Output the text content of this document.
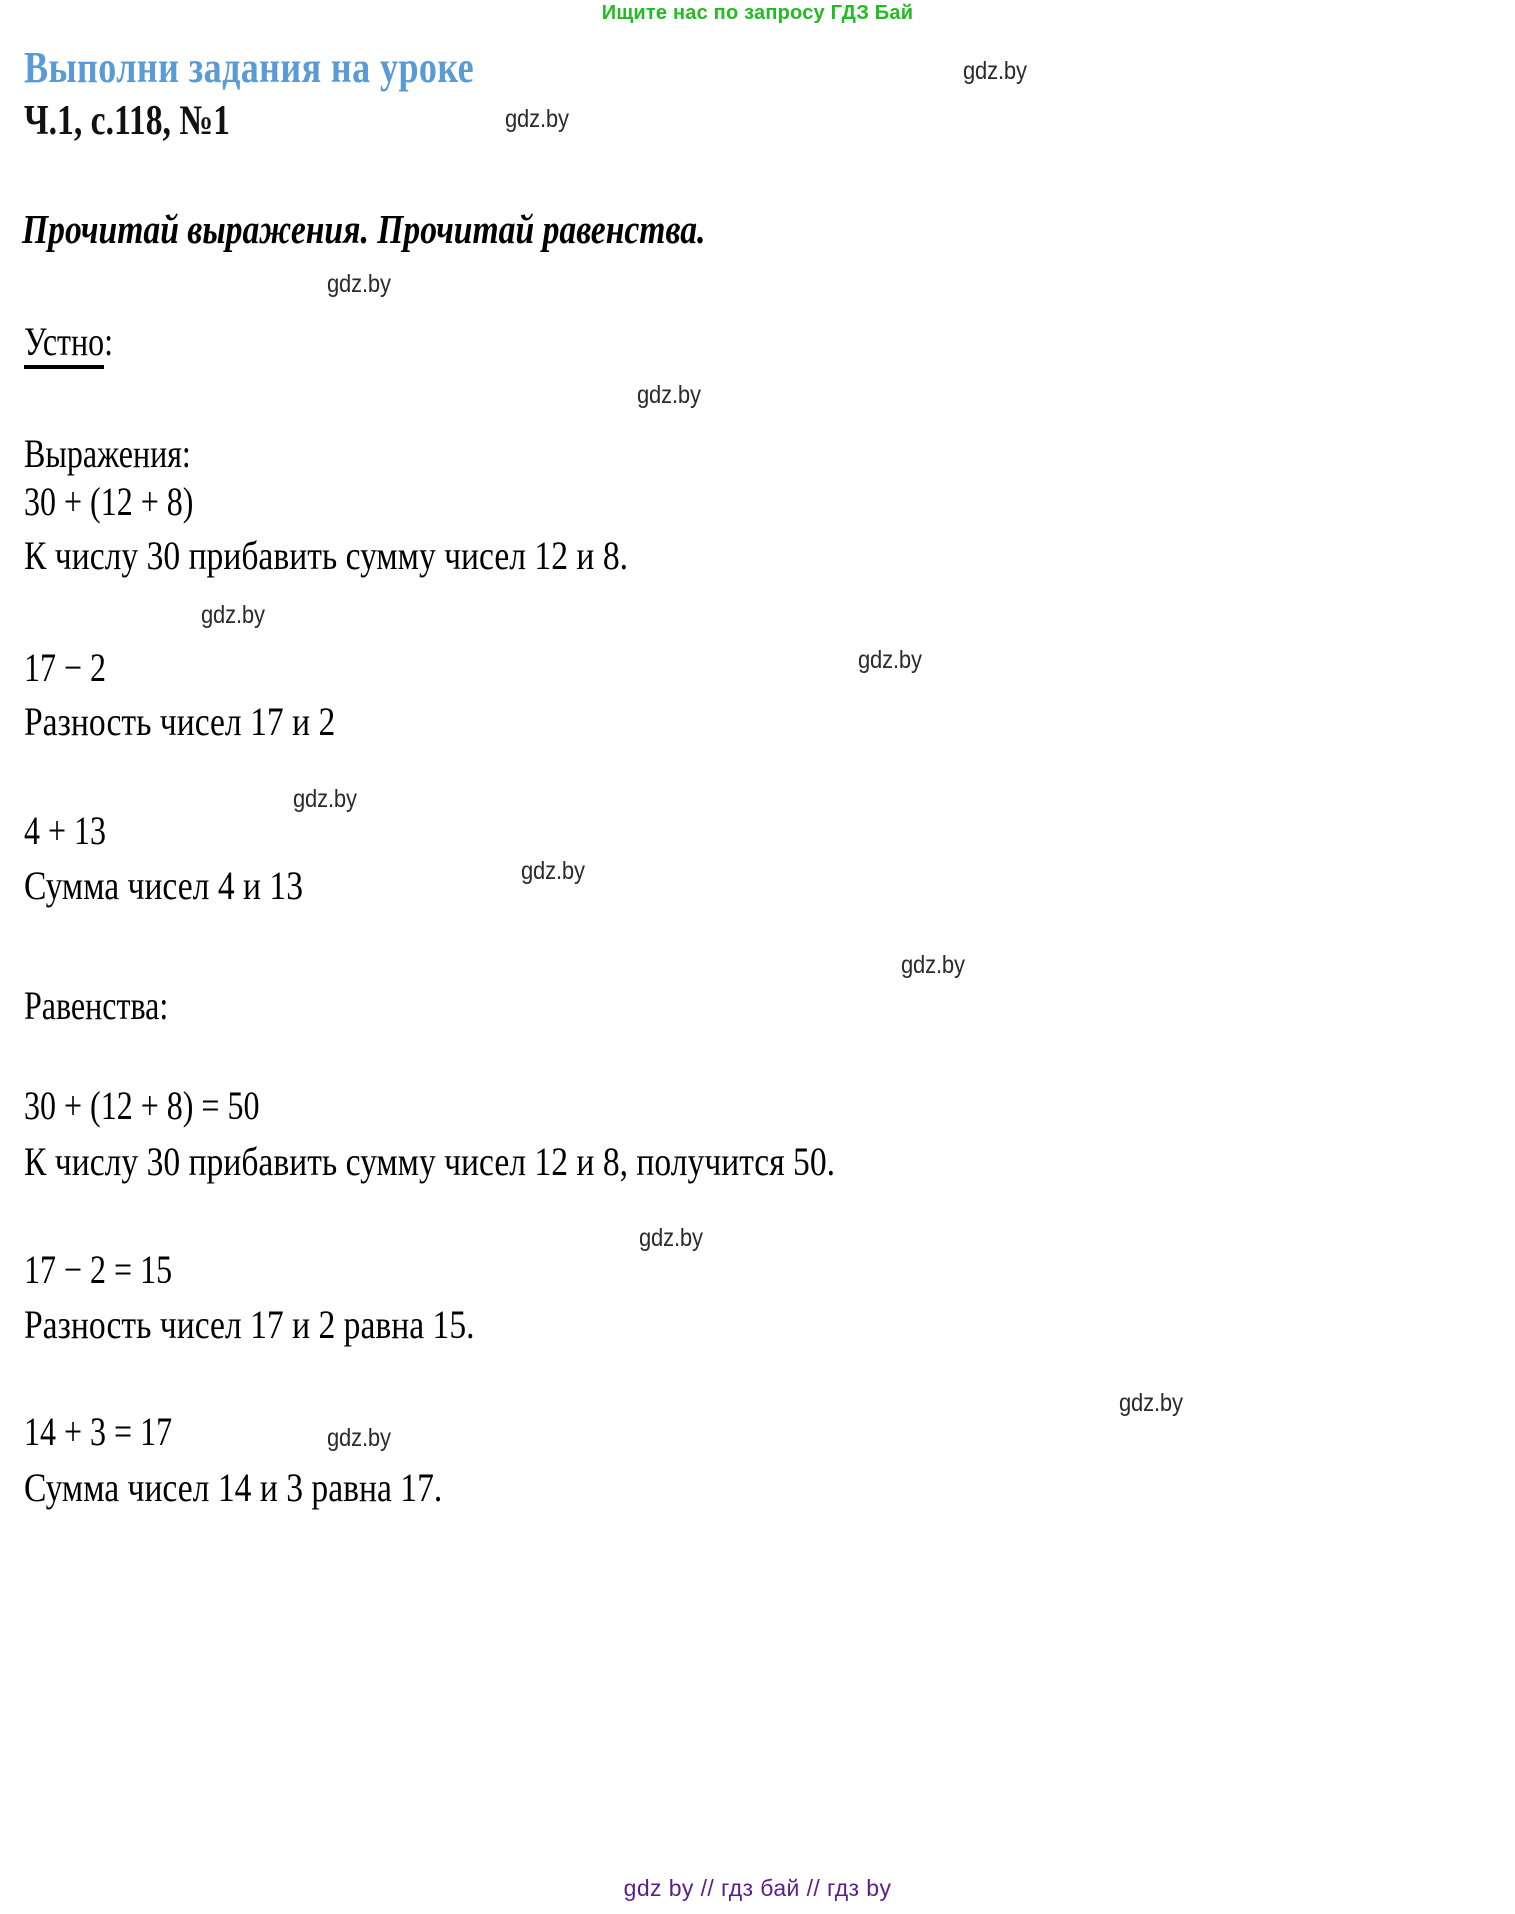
Ищите нас по запросу ГДЗ Бай
Выполни задания на уроке
Ч.1, с.118, №1
Прочитай выражения. Прочитай равенства.
Устно:
Выражения:
30 + (12 + 8)
К числу 30 прибавить сумму чисел 12 и 8.
17 − 2
Разность чисел 17 и 2
4 + 13
Сумма чисел 4 и 13
Равенства:
30 + (12 + 8) = 50
К числу 30 прибавить сумму чисел 12 и 8, получится 50.
17 − 2 = 15
Разность чисел 17 и 2 равна 15.
14 + 3 = 17
Сумма чисел 14 и 3 равна 17.
gdz.by
gdz.by
gdz.by
gdz.by
gdz.by
gdz.by
gdz.by
gdz.by
gdz.by
gdz.by
gdz.by
gdz.by
gdz by // гдз бай // гдз by
